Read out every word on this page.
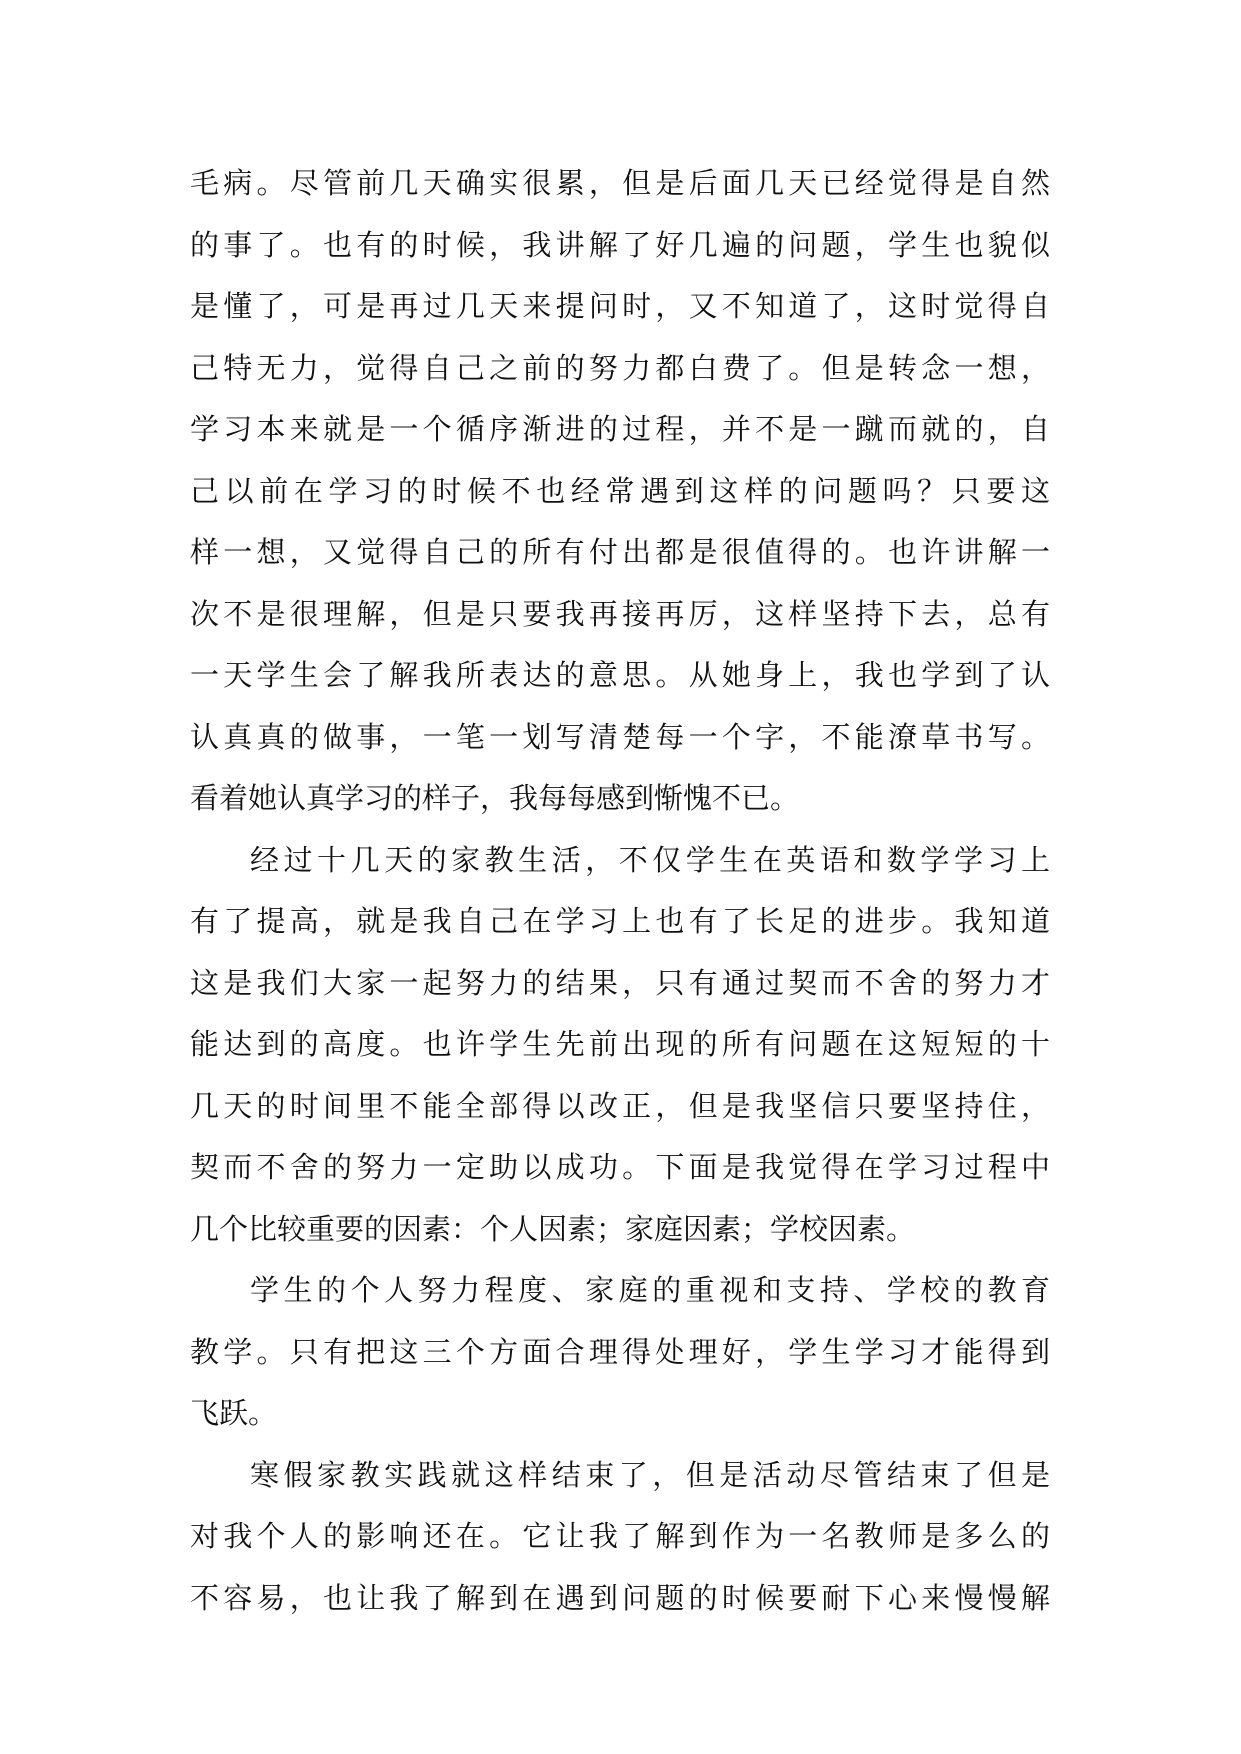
毛病。尽管前几天确实很累，但是后面几天已经觉得是自然
的事了。也有的时候，我讲解了好几遍的问题，学生也貌似
是懂了，可是再过几天来提问时，又不知道了，这时觉得自
己特无力，觉得自己之前的努力都白费了。但是转念一想，
学习本来就是一个循序渐进的过程，并不是一蹴而就的，自
己以前在学习的时候不也经常遇到这样的问题吗？只要这
样一想，又觉得自己的所有付出都是很值得的。也许讲解一
次不是很理解，但是只要我再接再厉，这样坚持下去，总有
一天学生会了解我所表达的意思。从她身上，我也学到了认
认真真的做事，一笔一划写清楚每一个字，不能潦草书写。
看着她认真学习的样子，我每每感到惭愧不已。
经过十几天的家教生活，不仅学生在英语和数学学习上
有了提高，就是我自己在学习上也有了长足的进步。我知道
这是我们大家一起努力的结果，只有通过契而不舍的努力才
能达到的高度。也许学生先前出现的所有问题在这短短的十
几天的时间里不能全部得以改正，但是我坚信只要坚持住，
契而不舍的努力一定助以成功。下面是我觉得在学习过程中
几个比较重要的因素：个人因素；家庭因素；学校因素。
学生的个人努力程度、家庭的重视和支持、学校的教育
教学。只有把这三个方面合理得处理好，学生学习才能得到
飞跃。
寒假家教实践就这样结束了，但是活动尽管结束了但是
对我个人的影响还在。它让我了解到作为一名教师是多么的
不容易，也让我了解到在遇到问题的时候要耐下心来慢慢解
